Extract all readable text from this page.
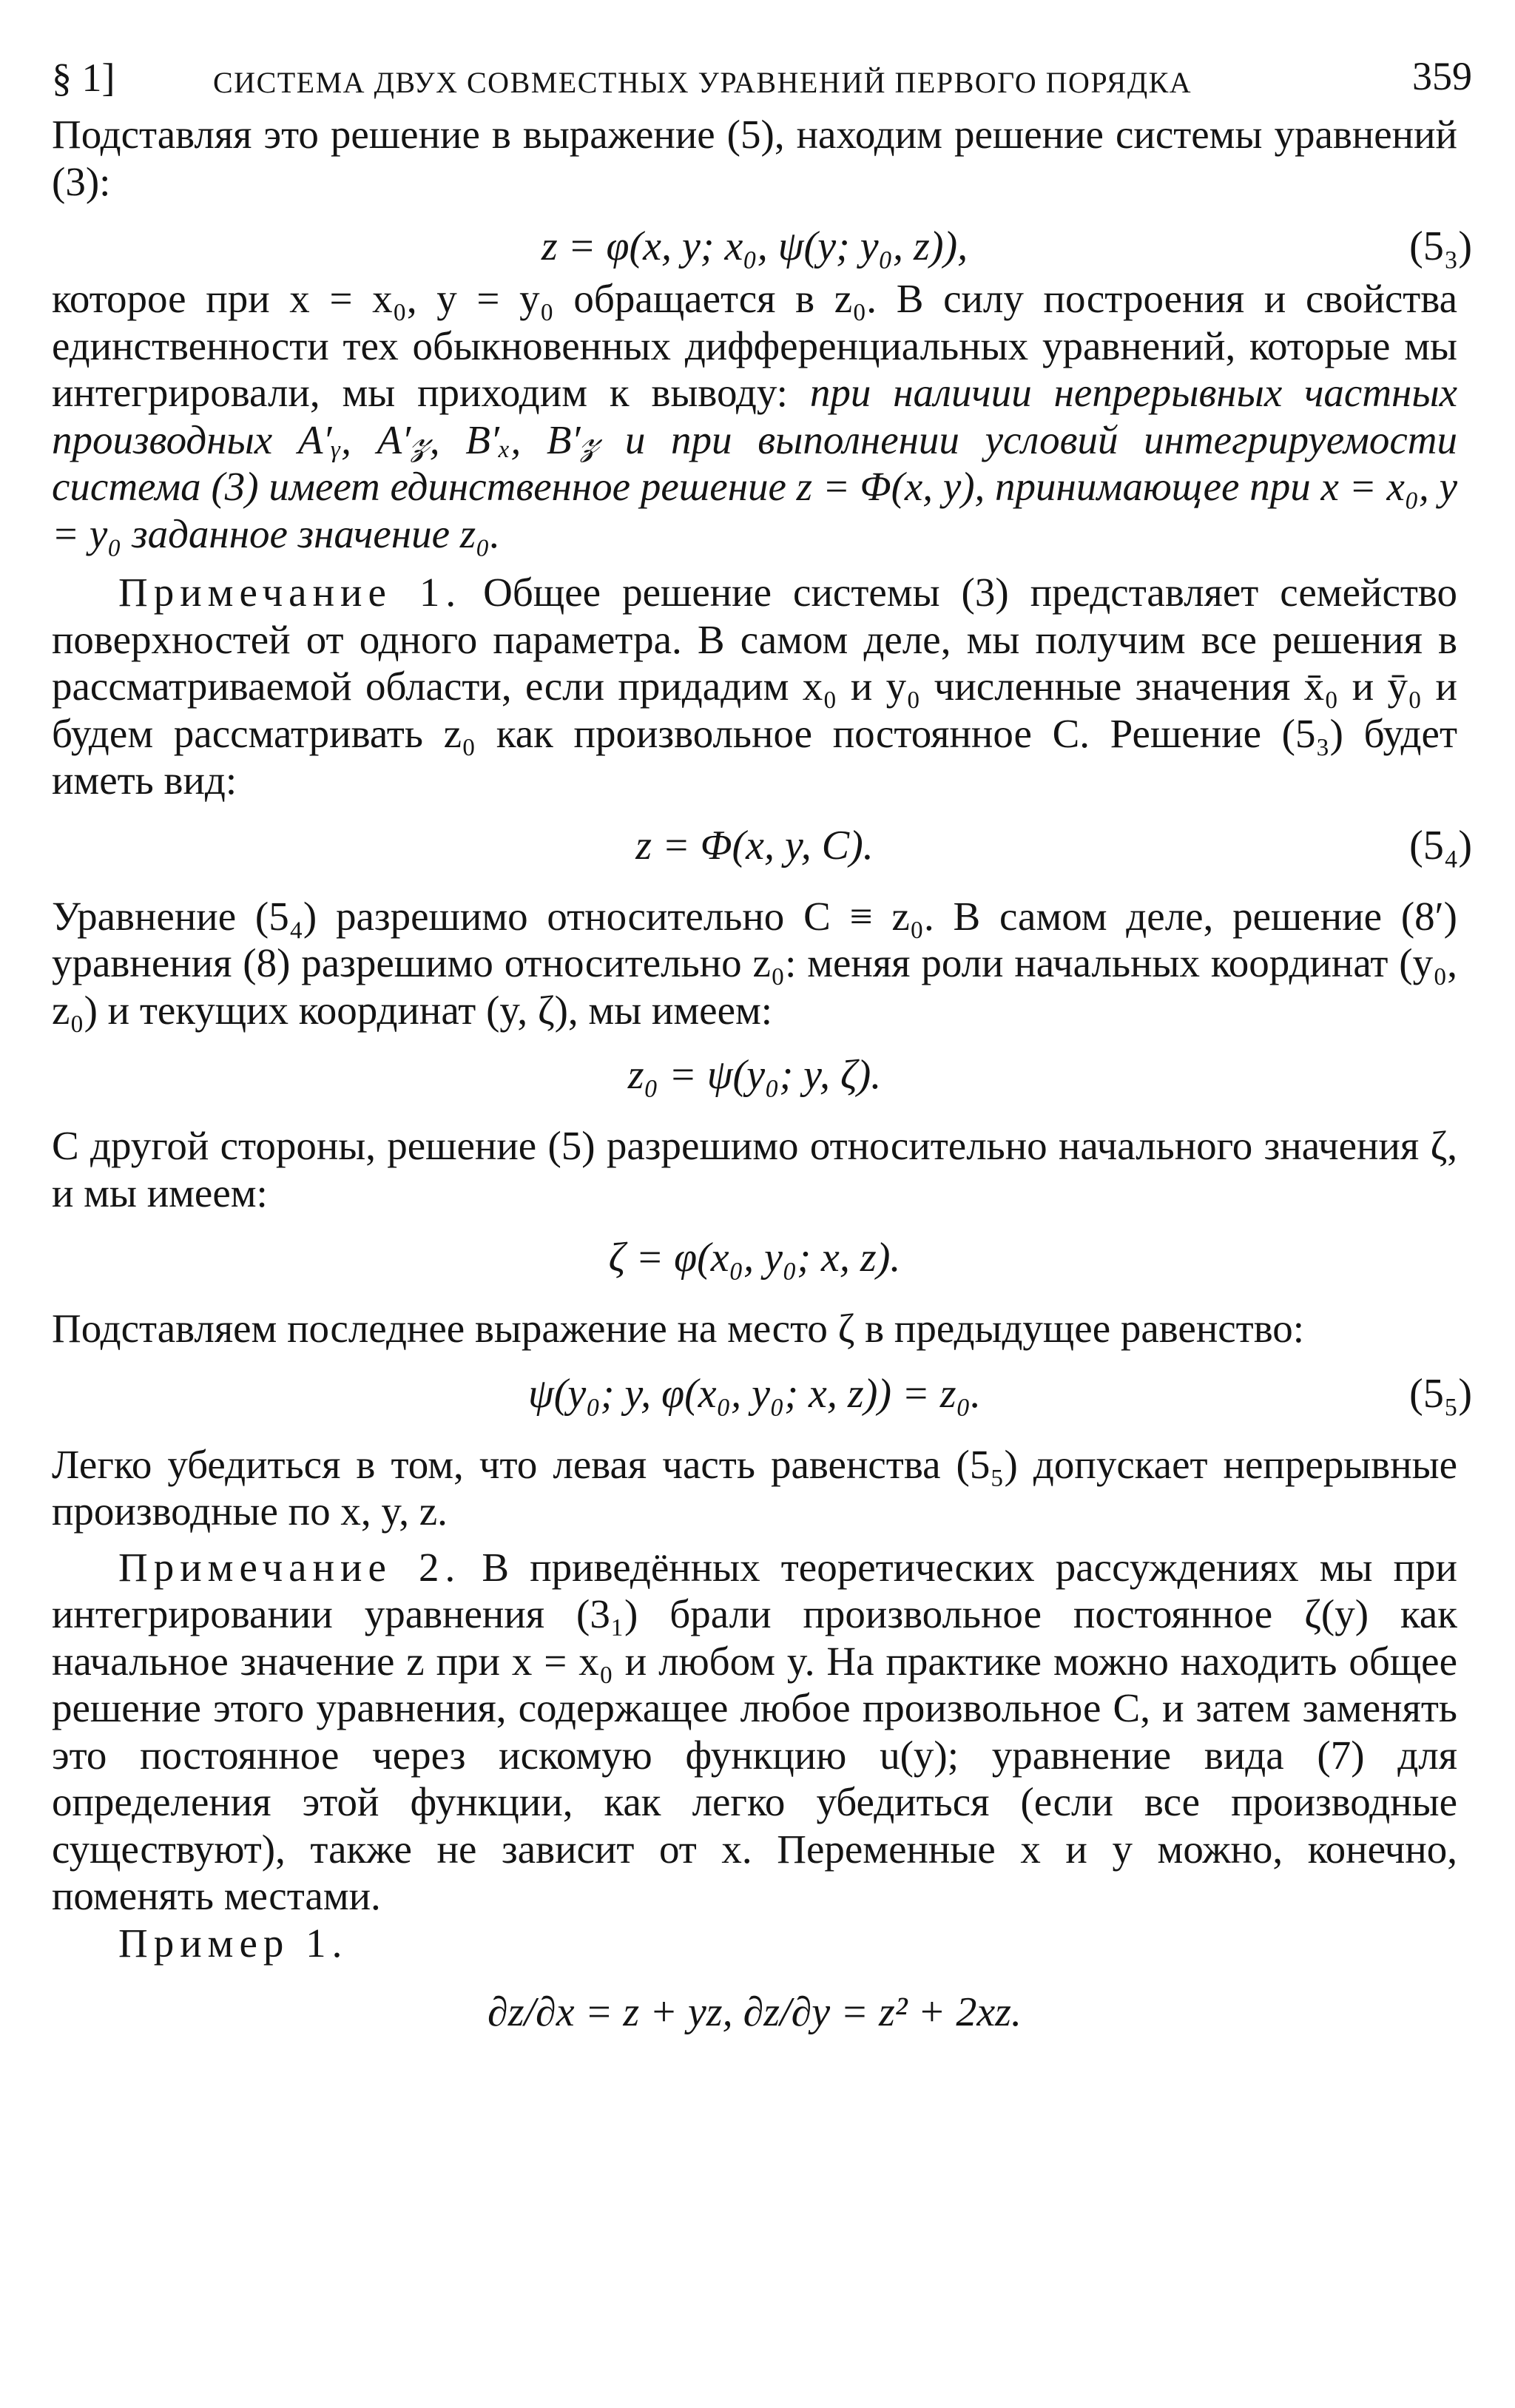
§ 1]	СИСТЕМА ДВУХ СОВМЕСТНЫХ УРАВНЕНИЙ ПЕРВОГО ПОРЯДКА	359

Подставляя это решение в выражение (5), находим решение системы уравнений (3):

z = φ(x, y; x₀, ψ(y; y₀, z)),	(5₃)

которое при x = x₀, y = y₀ обращается в z₀. В силу построения и свойства единственности тех обыкновенных дифференциальных уравнений, которые мы интегрировали, мы приходим к выводу: при наличии непрерывных частных производных A′ᵧ, A′𝓏, B′ₓ, B′𝓏 и при выполнении условий интегрируемости система (3) имеет единственное решение z = Φ(x, y), принимающее при x = x₀, y = y₀ заданное значение z₀.

Примечание 1. Общее решение системы (3) представляет семейство поверхностей от одного параметра. В самом деле, мы получим все решения в рассматриваемой области, если придадим x₀ и y₀ численные значения x̄₀ и ȳ₀ и будем рассматривать z₀ как произвольное постоянное C. Решение (5₃) будет иметь вид:

z = Φ(x, y, C).	(5₄)

Уравнение (5₄) разрешимо относительно C ≡ z₀. В самом деле, решение (8′) уравнения (8) разрешимо относительно z₀: меняя роли начальных координат (y₀, z₀) и текущих координат (y, ζ), мы имеем:

z₀ = ψ(y₀; y, ζ).

С другой стороны, решение (5) разрешимо относительно начального значения ζ, и мы имеем:

ζ = φ(x₀, y₀; x, z).

Подставляем последнее выражение на место ζ в предыдущее равенство:

ψ(y₀; y, φ(x₀, y₀; x, z)) = z₀.	(5₅)

Легко убедиться в том, что левая часть равенства (5₅) допускает непрерывные производные по x, y, z.

Примечание 2. В приведённых теоретических рассуждениях мы при интегрировании уравнения (3₁) брали произвольное постоянное ζ(y) как начальное значение z при x = x₀ и любом y. На практике можно находить общее решение этого уравнения, содержащее любое произвольное C, и затем заменять это постоянное через искомую функцию u(y); уравнение вида (7) для определения этой функции, как легко убедиться (если все производные существуют), также не зависит от x. Переменные x и y можно, конечно, поменять местами.

Пример 1.

∂z/∂x = z + yz, ∂z/∂y = z² + 2xz.
